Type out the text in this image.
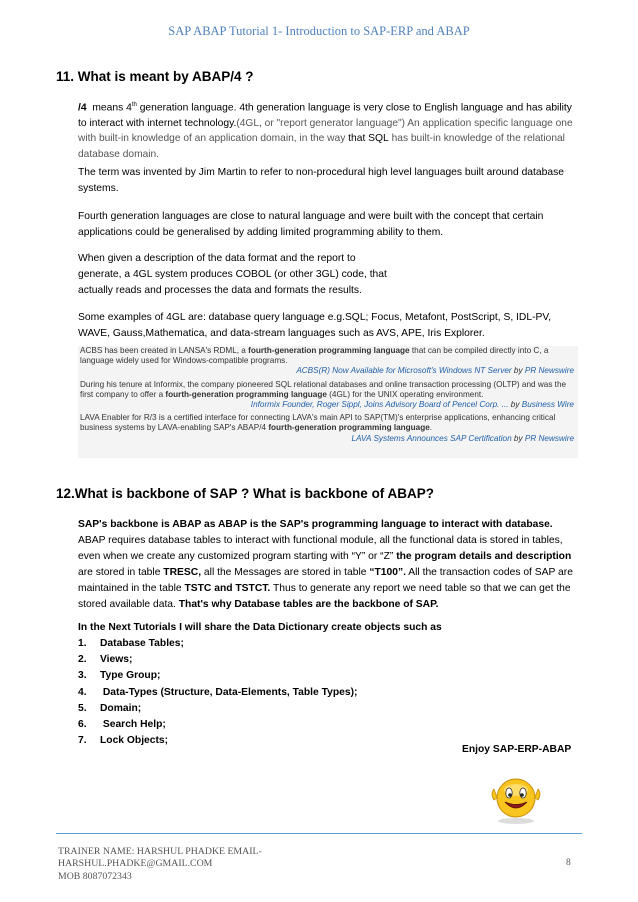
SAP ABAP Tutorial 1- Introduction to SAP-ERP and ABAP
11. What is meant by ABAP/4 ?
/4 means 4th generation language. 4th generation language is very close to English language and has ability to interact with internet technology.(4GL, or "report generator language") An application specific language one with built-in knowledge of an application domain, in the way that SQL has built-in knowledge of the relational database domain.
The term was invented by Jim Martin to refer to non-procedural high level languages built around database systems.
Fourth generation languages are close to natural language and were built with the concept that certain applications could be generalised by adding limited programming ability to them.
When given a description of the data format and the report to
generate, a 4GL system produces COBOL (or other 3GL) code, that
actually reads and processes the data and formats the results.
Some examples of 4GL are: database query language e.g.SQL; Focus, Metafont, PostScript, S, IDL-PV, WAVE, Gauss,Mathematica, and data-stream languages such as AVS, APE, Iris Explorer.
ACBS has been created in LANSA's RDML, a fourth-generation programming language that can be compiled directly into C, a language widely used for Windows-compatible programs.
ACBS(R) Now Available for Microsoft's Windows NT Server by PR Newswire
During his tenure at Informix, the company pioneered SQL relational databases and online transaction processing (OLTP) and was the first company to offer a fourth-generation programming language (4GL) for the UNIX operating environment.
Informix Founder, Roger Sippl, Joins Advisory Board of Pencel Corp. ... by Business Wire
LAVA Enabler for R/3 is a certified interface for connecting LAVA's main API to SAP(TM)'s enterprise applications, enhancing critical business systems by LAVA-enabling SAP's ABAP/4 fourth-generation programming language.
LAVA Systems Announces SAP Certification by PR Newswire
12.What is backbone of SAP ? What is backbone of ABAP?
SAP's backbone is ABAP as ABAP is the SAP's programming language to interact with database.
ABAP requires database tables to interact with functional module, all the functional data is stored in tables, even when we create any customized program starting with “Y” or “Z” the program details and description are stored in table TRESC, all the Messages are stored in table “T100”. All the transaction codes of SAP are maintained in the table TSTC and TSTCT. Thus to generate any report we need table so that we can get the stored available data. That's why Database tables are the backbone of SAP.
In the Next Tutorials I will share the Data Dictionary create objects such as
1.	Database Tables;
2.	Views;
3.	Type Group;
4.	Data-Types (Structure, Data-Elements, Table Types);
5.	Domain;
6.	Search Help;
7.	Lock Objects;
Enjoy SAP-ERP-ABAP
TRAINER NAME: HARSHUL PHADKE EMAIL-
HARSHUL.PHADKE@GMAIL.COM
MOB 8087072343
8
